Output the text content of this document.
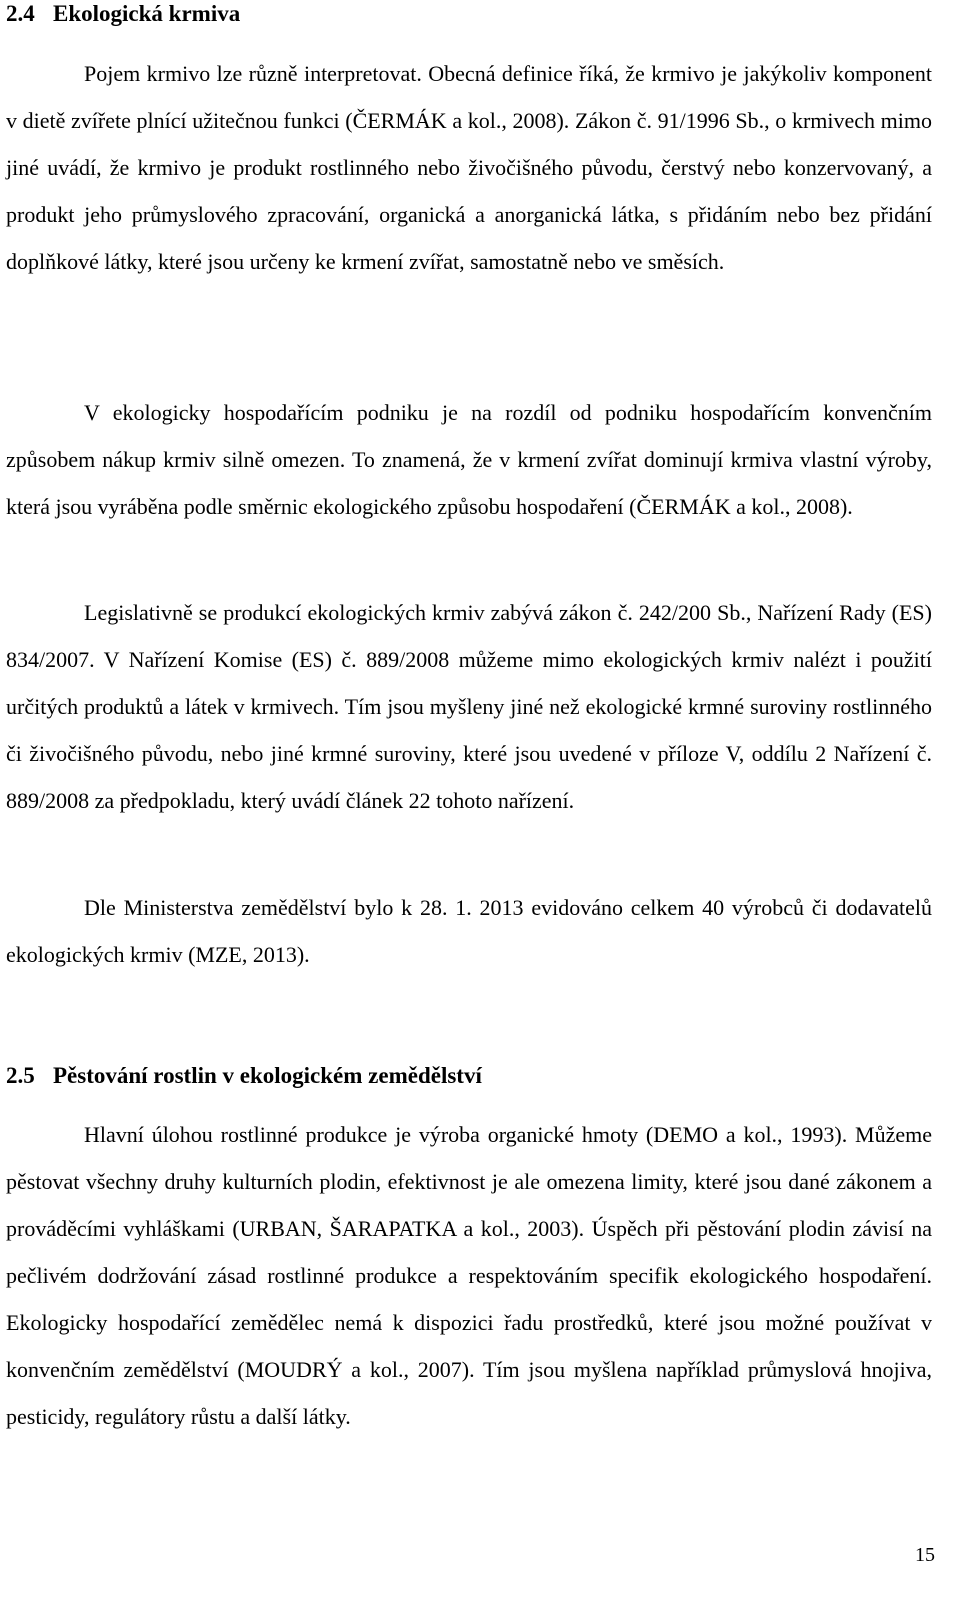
2.4 Ekologická krmiva

Pojem krmivo lze různě interpretovat. Obecná definice říká, že krmivo je jakýkoliv komponent v dietě zvířete plnící užitečnou funkci (ČERMÁK a kol., 2008). Zákon č. 91/1996 Sb., o krmivech mimo jiné uvádí, že krmivo je produkt rostlinného nebo živočišného původu, čerstvý nebo konzervovaný, a produkt jeho průmyslového zpracování, organická a anorganická látka, s přidáním nebo bez přidání doplňkové látky, které jsou určeny ke krmení zvířat, samostatně nebo ve směsích.

V ekologicky hospodařícím podniku je na rozdíl od podniku hospodařícím konvenčním způsobem nákup krmiv silně omezen. To znamená, že v krmení zvířat dominují krmiva vlastní výroby, která jsou vyráběna podle směrnic ekologického způsobu hospodaření (ČERMÁK a kol., 2008).

Legislativně se produkcí ekologických krmiv zabývá zákon č. 242/200 Sb., Nařízení Rady (ES) 834/2007. V Nařízení Komise (ES) č. 889/2008 můžeme mimo ekologických krmiv nalézt i použití určitých produktů a látek v krmivech. Tím jsou myšleny jiné než ekologické krmné suroviny rostlinného či živočišného původu, nebo jiné krmné suroviny, které jsou uvedené v příloze V, oddílu 2 Nařízení č. 889/2008 za předpokladu, který uvádí článek 22 tohoto nařízení.

Dle Ministerstva zemědělství bylo k 28. 1. 2013 evidováno celkem 40 výrobců či dodavatelů ekologických krmiv (MZE, 2013).

2.5 Pěstování rostlin v ekologickém zemědělství

Hlavní úlohou rostlinné produkce je výroba organické hmoty (DEMO a kol., 1993). Můžeme pěstovat všechny druhy kulturních plodin, efektivnost je ale omezena limity, které jsou dané zákonem a prováděcími vyhláškami (URBAN, ŠARAPATKA a kol., 2003). Úspěch při pěstování plodin závisí na pečlivém dodržování zásad rostlinné produkce a respektováním specifik ekologického hospodaření. Ekologicky hospodařící zemědělec nemá k dispozici řadu prostředků, které jsou možné používat v konvenčním zemědělství (MOUDRÝ a kol., 2007). Tím jsou myšlena například průmyslová hnojiva, pesticidy, regulátory růstu a další látky.

15
